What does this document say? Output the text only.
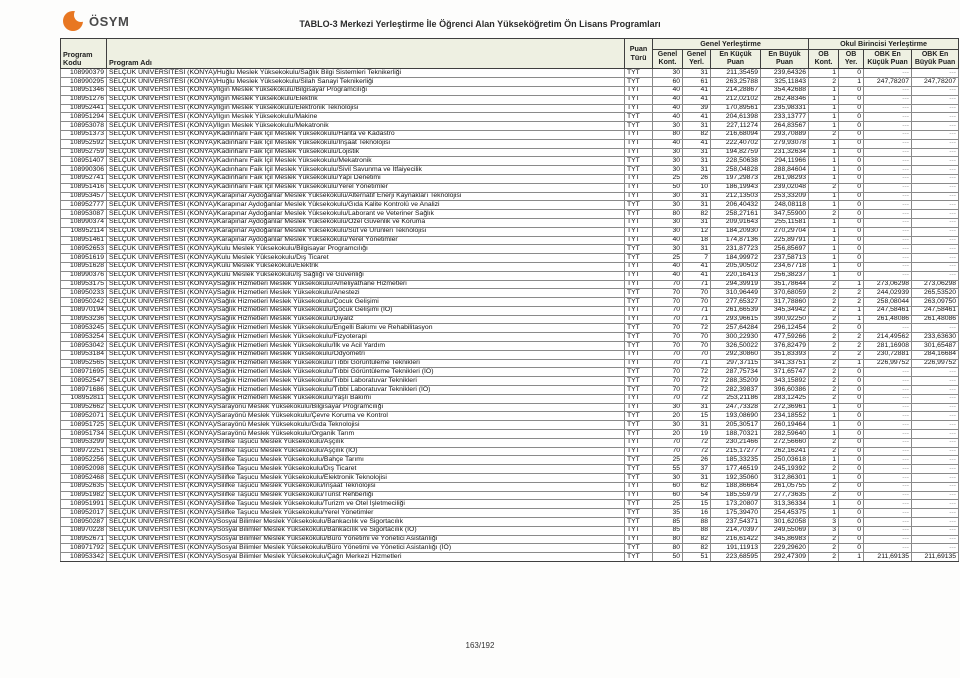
ÖSYM	TABLO-3 Merkezi Yerleştirme İle Öğrenci Alan Yükseköğretim Ön Lisans Programları
Program Kodu	Program Adı	Puan Türü	Genel Yerleştirme				Okul Birincisi Yerleştirme			
			Genel Kont.	Genel Yerl.	En Küçük Puan	En Büyük Puan	OB Kont.	OB Yer.	OBK En Küçük Puan	OBK En Büyük Puan
108990379	SELÇUK ÜNİVERSİTESİ (KONYA)/Huğlu Meslek Yüksekokulu/Sağlık Bilgi Sistemleri Teknikerliği	TYT	30	31	211,35459	239,64326	1	0	---	---
108990295	SELÇUK ÜNİVERSİTESİ (KONYA)/Huğlu Meslek Yüksekokulu/Silah Sanayi Teknikerliği	TYT	60	61	263,25788	325,11843	2	1	247,78207	247,78207
108951346	SELÇUK ÜNİVERSİTESİ (KONYA)/Ilgın Meslek Yüksekokulu/Bilgisayar Programcılığı	TYT	40	41	214,28867	354,42688	1	0	---	---
108951276	SELÇUK ÜNİVERSİTESİ (KONYA)/Ilgın Meslek Yüksekokulu/Elektrik	TYT	40	41	212,02102	262,48346	1	0	---	---
108952441	SELÇUK ÜNİVERSİTESİ (KONYA)/Ilgın Meslek Yüksekokulu/Elektronik Teknolojisi	TYT	40	39	170,89561	235,98331	1	0	---	---
108951294	SELÇUK ÜNİVERSİTESİ (KONYA)/Ilgın Meslek Yüksekokulu/Makine	TYT	40	41	204,61398	233,13777	1	0	---	---
108953078	SELÇUK ÜNİVERSİTESİ (KONYA)/Ilgın Meslek Yüksekokulu/Mekatronik	TYT	30	31	227,11274	264,83567	1	0	---	---
108951373	SELÇUK ÜNİVERSİTESİ (KONYA)/Kadınhanı Faik İçil Meslek Yüksekokulu/Harita ve Kadastro	TYT	80	82	216,68094	293,70889	2	0	---	---
108952592	SELÇUK ÜNİVERSİTESİ (KONYA)/Kadınhanı Faik İçil Meslek Yüksekokulu/İnşaat Teknolojisi	TYT	40	41	222,40702	279,93078	1	0	---	---
108952759	SELÇUK ÜNİVERSİTESİ (KONYA)/Kadınhanı Faik İçil Meslek Yüksekokulu/Lojistik	TYT	30	31	194,82759	231,32634	1	0	---	---
108951407	SELÇUK ÜNİVERSİTESİ (KONYA)/Kadınhanı Faik İçil Meslek Yüksekokulu/Mekatronik	TYT	30	31	228,50638	294,11966	1	0	---	---
108990306	SELÇUK ÜNİVERSİTESİ (KONYA)/Kadınhanı Faik İçil Meslek Yüksekokulu/Sivil Savunma ve İtfaiyecilik	TYT	30	31	258,04828	288,84604	1	0	---	---
108952741	SELÇUK ÜNİVERSİTESİ (KONYA)/Kadınhanı Faik İçil Meslek Yüksekokulu/Yapı Denetimi	TYT	25	26	197,29873	261,98293	1	0	---	---
108951416	SELÇUK ÜNİVERSİTESİ (KONYA)/Kadınhanı Faik İçil Meslek Yüksekokulu/Yerel Yönetimler	TYT	50	10	186,19943	239,02048	2	0	---	---
108953457	SELÇUK ÜNİVERSİTESİ (KONYA)/Karapınar Aydoğanlar Meslek Yüksekokulu/Alternatif Enerji Kaynakları Teknolojisi	TYT	30	31	212,13503	253,33209	1	0	---	---
108952777	SELÇUK ÜNİVERSİTESİ (KONYA)/Karapınar Aydoğanlar Meslek Yüksekokulu/Gıda Kalite Kontrolü ve Analizi	TYT	30	31	206,40432	248,08118	1	0	---	---
108953087	SELÇUK ÜNİVERSİTESİ (KONYA)/Karapınar Aydoğanlar Meslek Yüksekokulu/Laborant ve Veteriner Sağlık	TYT	80	82	258,27161	347,55900	2	0	---	---
108990374	SELÇUK ÜNİVERSİTESİ (KONYA)/Karapınar Aydoğanlar Meslek Yüksekokulu/Özel Güvenlik ve Koruma	TYT	30	31	209,91643	255,11581	1	0	---	---
108952114	SELÇUK ÜNİVERSİTESİ (KONYA)/Karapınar Aydoğanlar Meslek Yüksekokulu/Süt ve Ürünleri Teknolojisi	TYT	30	12	184,20930	270,29704	1	0	---	---
108951461	SELÇUK ÜNİVERSİTESİ (KONYA)/Karapınar Aydoğanlar Meslek Yüksekokulu/Yerel Yönetimler	TYT	40	18	174,87136	225,89791	1	0	---	---
108952653	SELÇUK ÜNİVERSİTESİ (KONYA)/Kulu Meslek Yüksekokulu/Bilgisayar Programcılığı	TYT	30	31	231,87723	256,85697	1	0	---	---
108951619	SELÇUK ÜNİVERSİTESİ (KONYA)/Kulu Meslek Yüksekokulu/Dış Ticaret	TYT	25	7	184,99972	237,58713	1	0	---	---
108951628	SELÇUK ÜNİVERSİTESİ (KONYA)/Kulu Meslek Yüksekokulu/Elektrik	TYT	40	41	205,90502	234,67718	1	0	---	---
108990376	SELÇUK ÜNİVERSİTESİ (KONYA)/Kulu Meslek Yüksekokulu/İş Sağlığı ve Güvenliği	TYT	40	41	220,16413	256,38237	1	0	---	---
108953175	SELÇUK ÜNİVERSİTESİ (KONYA)/Sağlık Hizmetleri Meslek Yüksekokulu/Ameliyathane Hizmetleri	TYT	70	71	294,39919	351,78644	2	1	273,06298	273,06298
108950233	SELÇUK ÜNİVERSİTESİ (KONYA)/Sağlık Hizmetleri Meslek Yüksekokulu/Anestezi	TYT	70	70	310,96449	370,68059	2	2	244,02939	265,53520
108950242	SELÇUK ÜNİVERSİTESİ (KONYA)/Sağlık Hizmetleri Meslek Yüksekokulu/Çocuk Gelişimi	TYT	70	70	277,65327	317,78860	2	2	258,08044	263,09750
108970194	SELÇUK ÜNİVERSİTESİ (KONYA)/Sağlık Hizmetleri Meslek Yüksekokulu/Çocuk Gelişimi (İÖ)	TYT	70	71	261,66539	345,34942	2	1	247,58461	247,58461
108953236	SELÇUK ÜNİVERSİTESİ (KONYA)/Sağlık Hizmetleri Meslek Yüksekokulu/Diyaliz	TYT	70	71	293,96615	390,92250	2	1	261,48086	261,48086
108953245	SELÇUK ÜNİVERSİTESİ (KONYA)/Sağlık Hizmetleri Meslek Yüksekokulu/Engelli Bakımı ve Rehabilitasyon	TYT	70	72	257,64284	296,12454	2	0	---	---
108953254	SELÇUK ÜNİVERSİTESİ (KONYA)/Sağlık Hizmetleri Meslek Yüksekokulu/Fizyoterapi	TYT	70	70	300,22930	477,59266	2	2	214,49562	233,63630
108953042	SELÇUK ÜNİVERSİTESİ (KONYA)/Sağlık Hizmetleri Meslek Yüksekokulu/İlk ve Acil Yardım	TYT	70	70	326,50022	376,82479	2	2	281,16908	301,65487
108953184	SELÇUK ÜNİVERSİTESİ (KONYA)/Sağlık Hizmetleri Meslek Yüksekokulu/Odyometri	TYT	70	70	292,30860	351,83393	2	2	230,72881	284,16684
108952565	SELÇUK ÜNİVERSİTESİ (KONYA)/Sağlık Hizmetleri Meslek Yüksekokulu/Tıbbi Görüntüleme Teknikleri	TYT	70	71	297,37115	341,33751	2	1	226,99752	226,99752
108971695	SELÇUK ÜNİVERSİTESİ (KONYA)/Sağlık Hizmetleri Meslek Yüksekokulu/Tıbbi Görüntüleme Teknikleri (İÖ)	TYT	70	72	287,75734	371,65747	2	0	---	---
108952547	SELÇUK ÜNİVERSİTESİ (KONYA)/Sağlık Hizmetleri Meslek Yüksekokulu/Tıbbi Laboratuvar Teknikleri	TYT	70	72	288,35209	343,15892	2	0	---	---
108971686	SELÇUK ÜNİVERSİTESİ (KONYA)/Sağlık Hizmetleri Meslek Yüksekokulu/Tıbbi Laboratuvar Teknikleri (İÖ)	TYT	70	72	282,39837	396,60386	2	0	---	---
108952811	SELÇUK ÜNİVERSİTESİ (KONYA)/Sağlık Hizmetleri Meslek Yüksekokulu/Yaşlı Bakımı	TYT	70	72	253,21186	283,12425	2	0	---	---
108952662	SELÇUK ÜNİVERSİTESİ (KONYA)/Sarayönü Meslek Yüksekokulu/Bilgisayar Programcılığı	TYT	30	31	247,73328	272,36961	1	0	---	---
108952071	SELÇUK ÜNİVERSİTESİ (KONYA)/Sarayönü Meslek Yüksekokulu/Çevre Koruma ve Kontrol	TYT	20	15	193,08690	234,18552	1	0	---	---
108951725	SELÇUK ÜNİVERSİTESİ (KONYA)/Sarayönü Meslek Yüksekokulu/Gıda Teknolojisi	TYT	30	31	205,30517	260,19464	1	0	---	---
108951734	SELÇUK ÜNİVERSİTESİ (KONYA)/Sarayönü Meslek Yüksekokulu/Organik Tarım	TYT	20	19	188,70321	282,59640	1	0	---	---
108953299	SELÇUK ÜNİVERSİTESİ (KONYA)/Silifke Taşucu Meslek Yüksekokulu/Aşçılık	TYT	70	72	230,21466	272,56660	2	0	---	---
108972251	SELÇUK ÜNİVERSİTESİ (KONYA)/Silifke Taşucu Meslek Yüksekokulu/Aşçılık (İÖ)	TYT	70	72	215,17277	262,16241	2	0	---	---
108952256	SELÇUK ÜNİVERSİTESİ (KONYA)/Silifke Taşucu Meslek Yüksekokulu/Bahçe Tarımı	TYT	25	26	185,33235	250,03618	1	0	---	---
108952098	SELÇUK ÜNİVERSİTESİ (KONYA)/Silifke Taşucu Meslek Yüksekokulu/Dış Ticaret	TYT	55	37	177,46519	245,19392	2	0	---	---
108952468	SELÇUK ÜNİVERSİTESİ (KONYA)/Silifke Taşucu Meslek Yüksekokulu/Elektronik Teknolojisi	TYT	30	31	192,35060	312,86301	1	0	---	---
108952635	SELÇUK ÜNİVERSİTESİ (KONYA)/Silifke Taşucu Meslek Yüksekokulu/İnşaat Teknolojisi	TYT	60	62	188,86664	261,05755	2	0	---	---
108951982	SELÇUK ÜNİVERSİTESİ (KONYA)/Silifke Taşucu Meslek Yüksekokulu/Turist Rehberliği	TYT	60	54	185,55979	277,73635	2	0	---	---
108951991	SELÇUK ÜNİVERSİTESİ (KONYA)/Silifke Taşucu Meslek Yüksekokulu/Turizm ve Otel İşletmeciliği	TYT	25	15	173,20807	313,36334	1	0	---	---
108952017	SELÇUK ÜNİVERSİTESİ (KONYA)/Silifke Taşucu Meslek Yüksekokulu/Yerel Yönetimler	TYT	35	16	175,39470	254,45375	1	0	---	---
108950287	SELÇUK ÜNİVERSİTESİ (KONYA)/Sosyal Bilimler Meslek Yüksekokulu/Bankacılık ve Sigortacılık	TYT	85	88	237,54371	301,62058	3	0	---	---
108970228	SELÇUK ÜNİVERSİTESİ (KONYA)/Sosyal Bilimler Meslek Yüksekokulu/Bankacılık ve Sigortacılık (İÖ)	TYT	85	88	214,70397	249,55069	3	0	---	---
108952671	SELÇUK ÜNİVERSİTESİ (KONYA)/Sosyal Bilimler Meslek Yüksekokulu/Büro Yönetimi ve Yönetici Asistanlığı	TYT	80	82	216,61422	345,86983	2	0	---	---
108971792	SELÇUK ÜNİVERSİTESİ (KONYA)/Sosyal Bilimler Meslek Yüksekokulu/Büro Yönetimi ve Yönetici Asistanlığı (İÖ)	TYT	80	82	191,11913	229,29620	2	0	---	---
108953342	SELÇUK ÜNİVERSİTESİ (KONYA)/Sosyal Bilimler Meslek Yüksekokulu/Çağrı Merkezi Hizmetleri	TYT	50	51	223,68595	292,47309	2	1	211,69135	211,69135
163/192
